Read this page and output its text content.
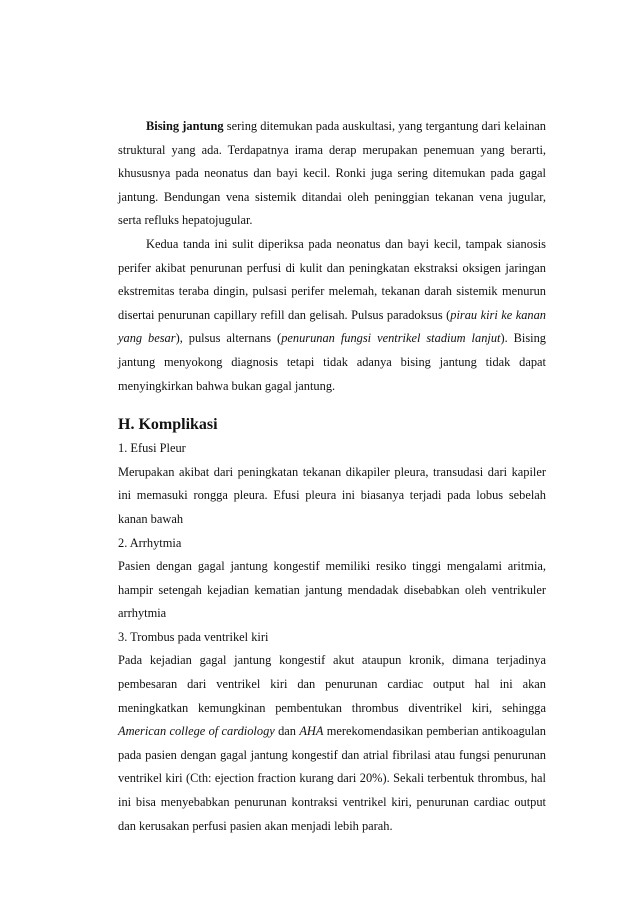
Bising jantung sering ditemukan pada auskultasi, yang tergantung dari kelainan struktural yang ada. Terdapatnya irama derap merupakan penemuan yang berarti, khususnya pada neonatus dan bayi kecil. Ronki juga sering ditemukan pada gagal jantung. Bendungan vena sistemik ditandai oleh peninggian tekanan vena jugular, serta refluks hepatojugular.

Kedua tanda ini sulit diperiksa pada neonatus dan bayi kecil, tampak sianosis perifer akibat penurunan perfusi di kulit dan peningkatan ekstraksi oksigen jaringan ekstremitas teraba dingin, pulsasi perifer melemah, tekanan darah sistemik menurun disertai penurunan capillary refill dan gelisah. Pulsus paradoksus (pirau kiri ke kanan yang besar), pulsus alternans (penurunan fungsi ventrikel stadium lanjut). Bising jantung menyokong diagnosis tetapi tidak adanya bising jantung tidak dapat menyingkirkan bahwa bukan gagal jantung.

H. Komplikasi

1. Efusi Pleur

Merupakan akibat dari peningkatan tekanan dikapiler pleura, transudasi dari kapiler ini memasuki rongga pleura. Efusi pleura ini biasanya terjadi pada lobus sebelah kanan bawah

2. Arrhytmia

Pasien dengan gagal jantung kongestif memiliki resiko tinggi mengalami aritmia, hampir setengah kejadian kematian jantung mendadak disebabkan oleh ventrikuler arrhytmia

3. Trombus pada ventrikel kiri

Pada kejadian gagal jantung kongestif akut ataupun kronik, dimana terjadinya pembesaran dari ventrikel kiri dan penurunan cardiac output hal ini akan meningkatkan kemungkinan pembentukan thrombus diventrikel kiri, sehingga American college of cardiology dan AHA merekomendasikan pemberian antikoagulan pada pasien dengan gagal jantung kongestif dan atrial fibrilasi atau fungsi penurunan ventrikel kiri (Cth: ejection fraction kurang dari 20%). Sekali terbentuk thrombus, hal ini bisa menyebabkan penurunan kontraksi ventrikel kiri, penurunan cardiac output dan kerusakan perfusi pasien akan menjadi lebih parah.
